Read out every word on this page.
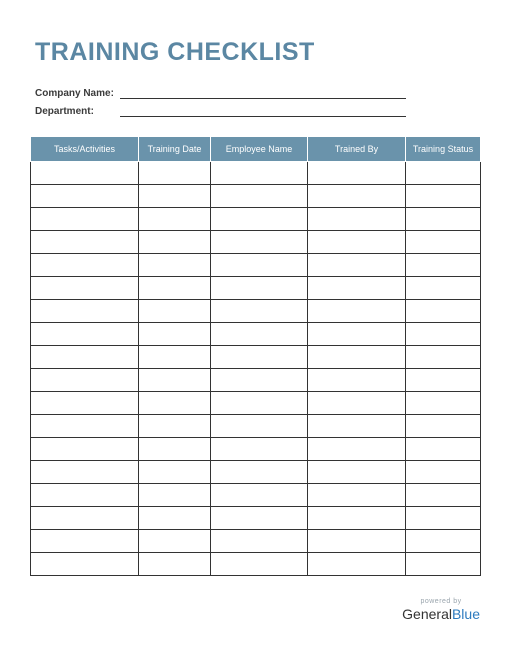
TRAINING CHECKLIST
Company Name:
Department:
Tasks/Activities	Training Date	Employee Name	Trained By	Training Status

powered by
GeneralBlue
